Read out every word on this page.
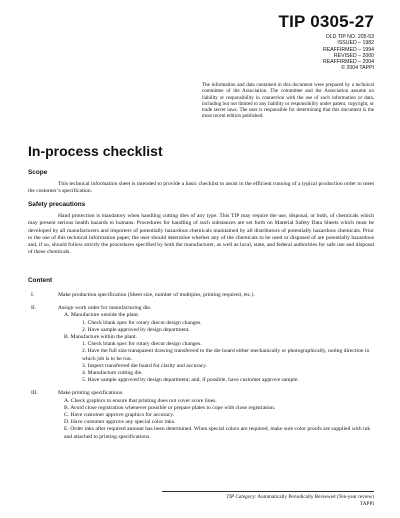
TIP 0305-27
OLD TIP NO. 205-53
ISSUED – 1982
REAFFIRMED – 1994
REVISED – 2000
REAFFIRMED – 2004
© 2004 TAPPI
The information and data contained in this document were prepared by a technical committee of the Association. The committee and the Association assume no liability or responsibility in connection with the use of such information or data, including but not limited to any liability or responsibility under patent, copyright, or trade secret laws. The user is responsible for determining that this document is the most recent edition published.
In-process checklist
Scope
This technical information sheet is intended to provide a basic checklist to assist in the efficient running of a typical production order to meet the customer’s specification.
Safety precautions
Hand protection is mandatory when handling cutting dies of any type. This TIP may require the use, disposal, or both, of chemicals which may present serious health hazards to humans. Procedures for handling of such substances are set forth on Material Safety Data Sheets which must be developed by all manufacturers and importers of potentially hazardous chemicals maintained by all distributors of potentially hazardous chemicals. Prior to the use of this technical information paper, the user should determine whether any of the chemicals to be used or disposed of are potentially hazardous and, if so, should follow strictly the procedures specified by both the manufacturer, as well as local, state, and federal authorities for safe use and disposal of these chemicals.
Content
I.	Make production specification (Sheet size, number of multiples, printing required, etc.).
II.	Assign work order for manufacturing die.
A. Manufacture outside the plant.
1. Check blank spec for rotary diecut design changes.
2. Have sample approved by design department.
B. Manufacture within the plant.
1. Check blank spec for rotary diecut design changes.
2. Have the full size transparent drawing transferred to the die board either mechanically or photographically, noting direction in which job is to be run.
3. Inspect transferred die board for clarity and accuracy.
4. Manufacture cutting die.
5. Have sample approved by design department; and, if possible, have customer approve sample.
III.	Make printing specifications.
A. Check graphics to ensure that printing does not cover score lines.
B. Avoid close registration whenever possible or prepare plates to cope with close registration.
C. Have customer approve graphics for accuracy.
D. Have customer approve any special color inks.
E. Order inks after required amount has been determined. When special colors are required, make sure color proofs are supplied with ink and attached to printing specifications.
TIP Category: Automatically Periodically Reviewed (Ten-year review)
TAPPI
